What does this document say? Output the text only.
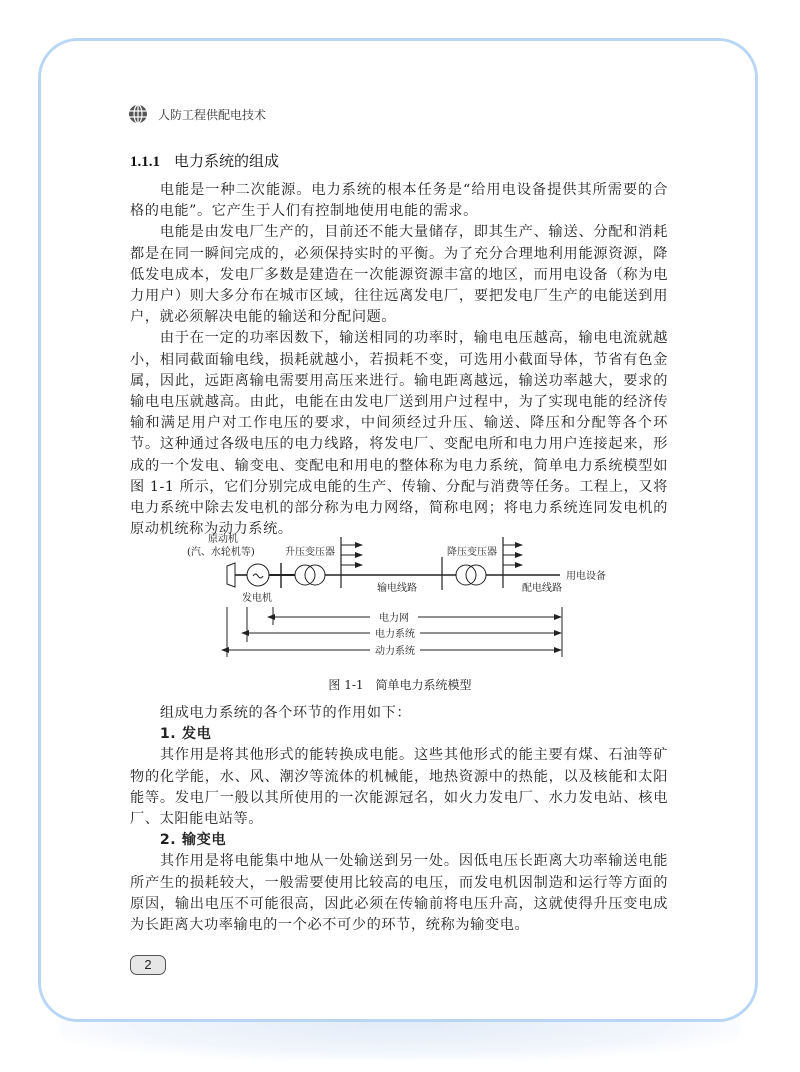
人防工程供配电技术
1.1.1 电力系统的组成

电能是一种二次能源。电力系统的根本任务是“给用电设备提供其所需要的合格的电能”。它产生于人们有控制地使用电能的需求。

电能是由发电厂生产的，目前还不能大量储存，即其生产、输送、分配和消耗都是在同一瞬间完成的，必须保持实时的平衡。为了充分合理地利用能源资源，降低发电成本，发电厂多数是建造在一次能源资源丰富的地区，而用电设备（称为电力用户）则大多分布在城市区域，往往远离发电厂，要把发电厂生产的电能送到用户，就必须解决电能的输送和分配问题。

由于在一定的功率因数下，输送相同的功率时，输电电压越高，输电电流就越小，相同截面输电线，损耗就越小，若损耗不变，可选用小截面导体，节省有色金属，因此，远距离输电需要用高压来进行。输电距离越远，输送功率越大，要求的输电电压就越高。由此，电能在由发电厂送到用户过程中，为了实现电能的经济传输和满足用户对工作电压的要求，中间须经过升压、输送、降压和分配等各个环节。这种通过各级电压的电力线路，将发电厂、变配电所和电力用户连接起来，形成的一个发电、输变电、变配电和用电的整体称为电力系统，简单电力系统模型如图 1-1 所示，它们分别完成电能的生产、传输、分配与消费等任务。工程上，又将电力系统中除去发电机的部分称为电力网络，简称电网；将电力系统连同发电机的原动机统称为动力系统。

原动机
(汽、水轮机等)	升压变压器	降压变压器
用电设备
输电线路	配电线路
发电机
电力网
电力系统
动力系统
图 1-1　简单电力系统模型

组成电力系统的各个环节的作用如下：

1. 发电

其作用是将其他形式的能转换成电能。这些其他形式的能主要有煤、石油等矿物的化学能，水、风、潮汐等流体的机械能，地热资源中的热能，以及核能和太阳能等。发电厂一般以其所使用的一次能源冠名，如火力发电厂、水力发电站、核电厂、太阳能电站等。

2. 输变电

其作用是将电能集中地从一处输送到另一处。因低电压长距离大功率输送电能所产生的损耗较大，一般需要使用比较高的电压，而发电机因制造和运行等方面的原因，输出电压不可能很高，因此必须在传输前将电压升高，这就使得升压变电成为长距离大功率输电的一个必不可少的环节，统称为输变电。

2
